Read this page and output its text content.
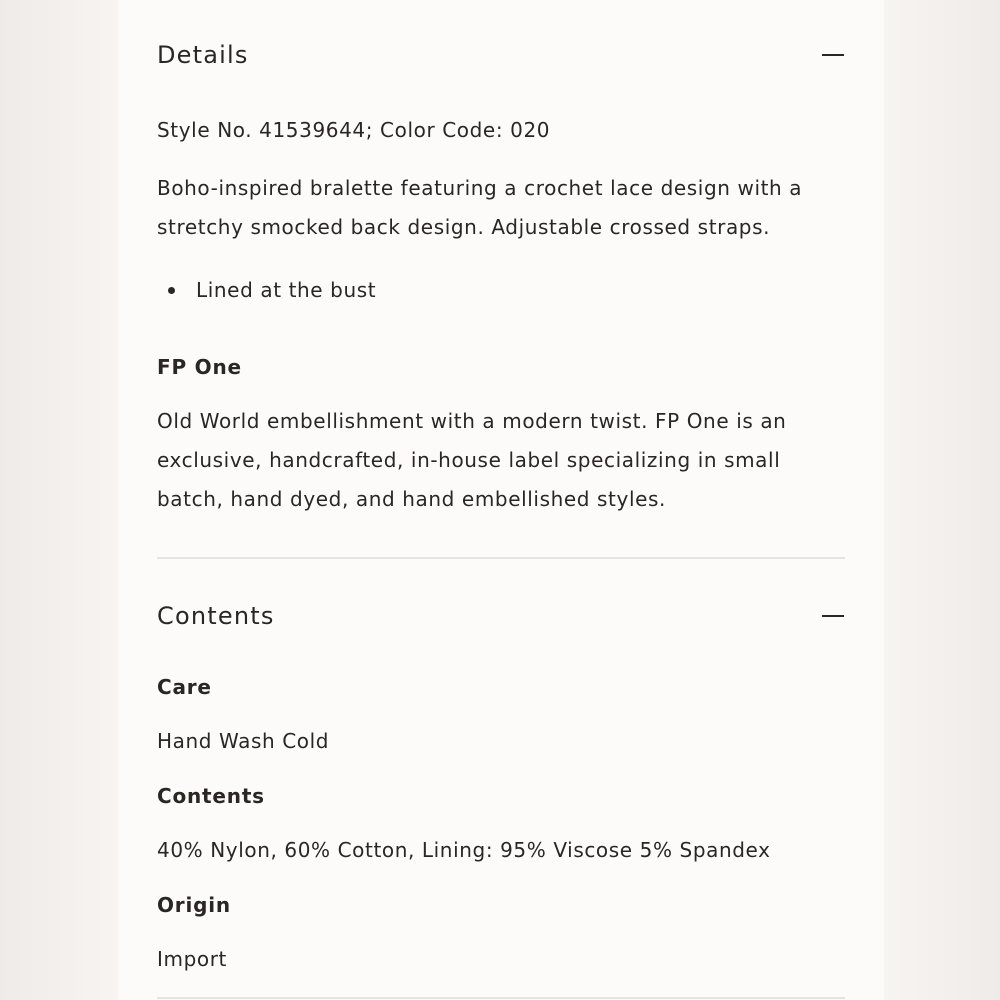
Details

Style No. 41539644; Color Code: 020

Boho-inspired bralette featuring a crochet lace design with a stretchy smocked back design. Adjustable crossed straps.

Lined at the bust
FP One

Old World embellishment with a modern twist. FP One is an exclusive, handcrafted, in-house label specializing in small batch, hand dyed, and hand embellished styles.

Contents
Care

Hand Wash Cold

Contents

40% Nylon, 60% Cotton, Lining: 95% Viscose 5% Spandex

Origin

Import
